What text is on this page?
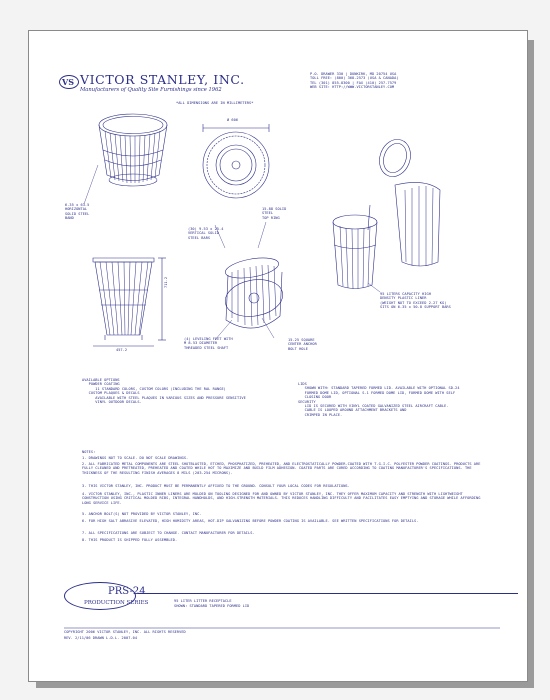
VS VICTOR STANLEY, INC.
Manufacturers of Quality Site Furnishings since 1962
P.O. DRAWER 330 | DUNKIRK, MD 20754 USA
TOLL FREE: (800) 368-2573 (USA & CANADA)
TEL (301) 855-8300 | FAX (410) 257-7579
WEB SITE: HTTP://WWW.VICTORSTANLEY.COM
*ALL DIMENSIONS ARE IN MILLIMETERS*
Ø 606
6.35 x 63.5
HORIZONTAL
SOLID STEEL
BAND
(30) 9.53 x 25.4
VERTICAL SOLID
STEEL BARS
15.88 SOLID
STEEL
TOP RING
711.2
457.2
(4) LEVELING FEET WITH
M 8.53 DIAMETER
THREADED STEEL SHAFT
15.25 SQUARE
CENTER ANCHOR
BOLT HOLE
95 LITERS CAPACITY HIGH
DENSITY PLASTIC LINER
(WEIGHT NOT TO EXCEED 2.27 KG)
SITS ON 6.35 x 50.8 SUPPORT BARS
AVAILABLE OPTIONS
POWDER COATING
11 STANDARD COLORS, CUSTOM COLORS (INCLUDING THE RAL RANGE)
CUSTOM PLAQUES & DECALS
AVAILABLE WITH STEEL PLAQUES IN VARIOUS SIZES AND PRESSURE SENSITIVE
VINYL OUTDOOR DECALS.
LIDS
SHOWN WITH: STANDARD TAPERED FORMED LID. AVAILABLE WITH OPTIONAL SD-24
FORMED DOME LID, OPTIONAL S-1 FORMED DOME LID, FORMED DOME WITH SELF
CLOSING DOOR
SECURITY
LID IS SECURED WITH VINYL COATED GALVANIZED STEEL AIRCRAFT CABLE.
CABLE IS LOOPED AROUND ATTACHMENT BRACKETS AND
CRIMPED IN PLACE.
NOTES:
1. DRAWINGS NOT TO SCALE. DO NOT SCALE DRAWINGS.
2. ALL FABRICATED METAL COMPONENTS ARE STEEL SHOTBLASTED, ETCHED, PHOSPHATIZED, PREHEATED, AND ELECTROSTATICALLY POWDER-COATED WITH T.G.I.C. POLYESTER POWDER COATINGS. PRODUCTS ARE FULLY CLEANED AND PRETREATED, PREHEATED AND COATED WHILE HOT TO MAXIMIZE AND BUILD FILM ADHESION. COATED PARTS ARE CURED ACCORDING TO COATING MANUFACTURER'S SPECIFICATIONS. THE THICKNESS OF THE RESULTING FINISH AVERAGES 8 MILS (203-254 MICRONS).
3. THIS VICTOR STANLEY, INC. PRODUCT MUST BE PERMANENTLY AFFIXED TO THE GROUND. CONSULT YOUR LOCAL CODES FOR REGULATIONS.
4. VICTOR STANLEY, INC., PLASTIC INNER LINERS ARE MOLDED ON TOOLING DESIGNED FOR AND OWNED BY VICTOR STANLEY, INC. THEY OFFER MAXIMUM CAPACITY AND STRENGTH WITH LIGHTWEIGHT CONSTRUCTION USING CRITICAL MOLDED RIBS, INTEGRAL HANDHOLDS, AND HIGH-STRENGTH MATERIALS. THIS REDUCES HANDLING DIFFICULTY AND FACILITATES EASY EMPTYING AND STORAGE WHILE AFFORDING LONG SERVICE LIFE.
5. ANCHOR BOLT(S) NOT PROVIDED BY VICTOR STANLEY, INC.
6. FOR HIGH SALT ABRASIVE ELEVATED, HIGH HUMIDITY AREAS, HOT-DIP GALVANIZING BEFORE POWDER COATING IS AVAILABLE. SEE WRITTEN SPECIFICATIONS FOR DETAILS.
7. ALL SPECIFICATIONS ARE SUBJECT TO CHANGE. CONTACT MANUFACTURER FOR DETAILS.
8. THIS PRODUCT IS SHIPPED FULLY ASSEMBLED.
PRS-24
PRODUCTION SERIES	95 LITER LITTER RECEPTACLE
SHOWN: STANDARD TAPERED FORMED LID
COPYRIGHT 2006 VICTOR STANLEY, INC. ALL RIGHTS RESERVED
REV. 2/11/06 DRAWN L.D.L. 2007-04
